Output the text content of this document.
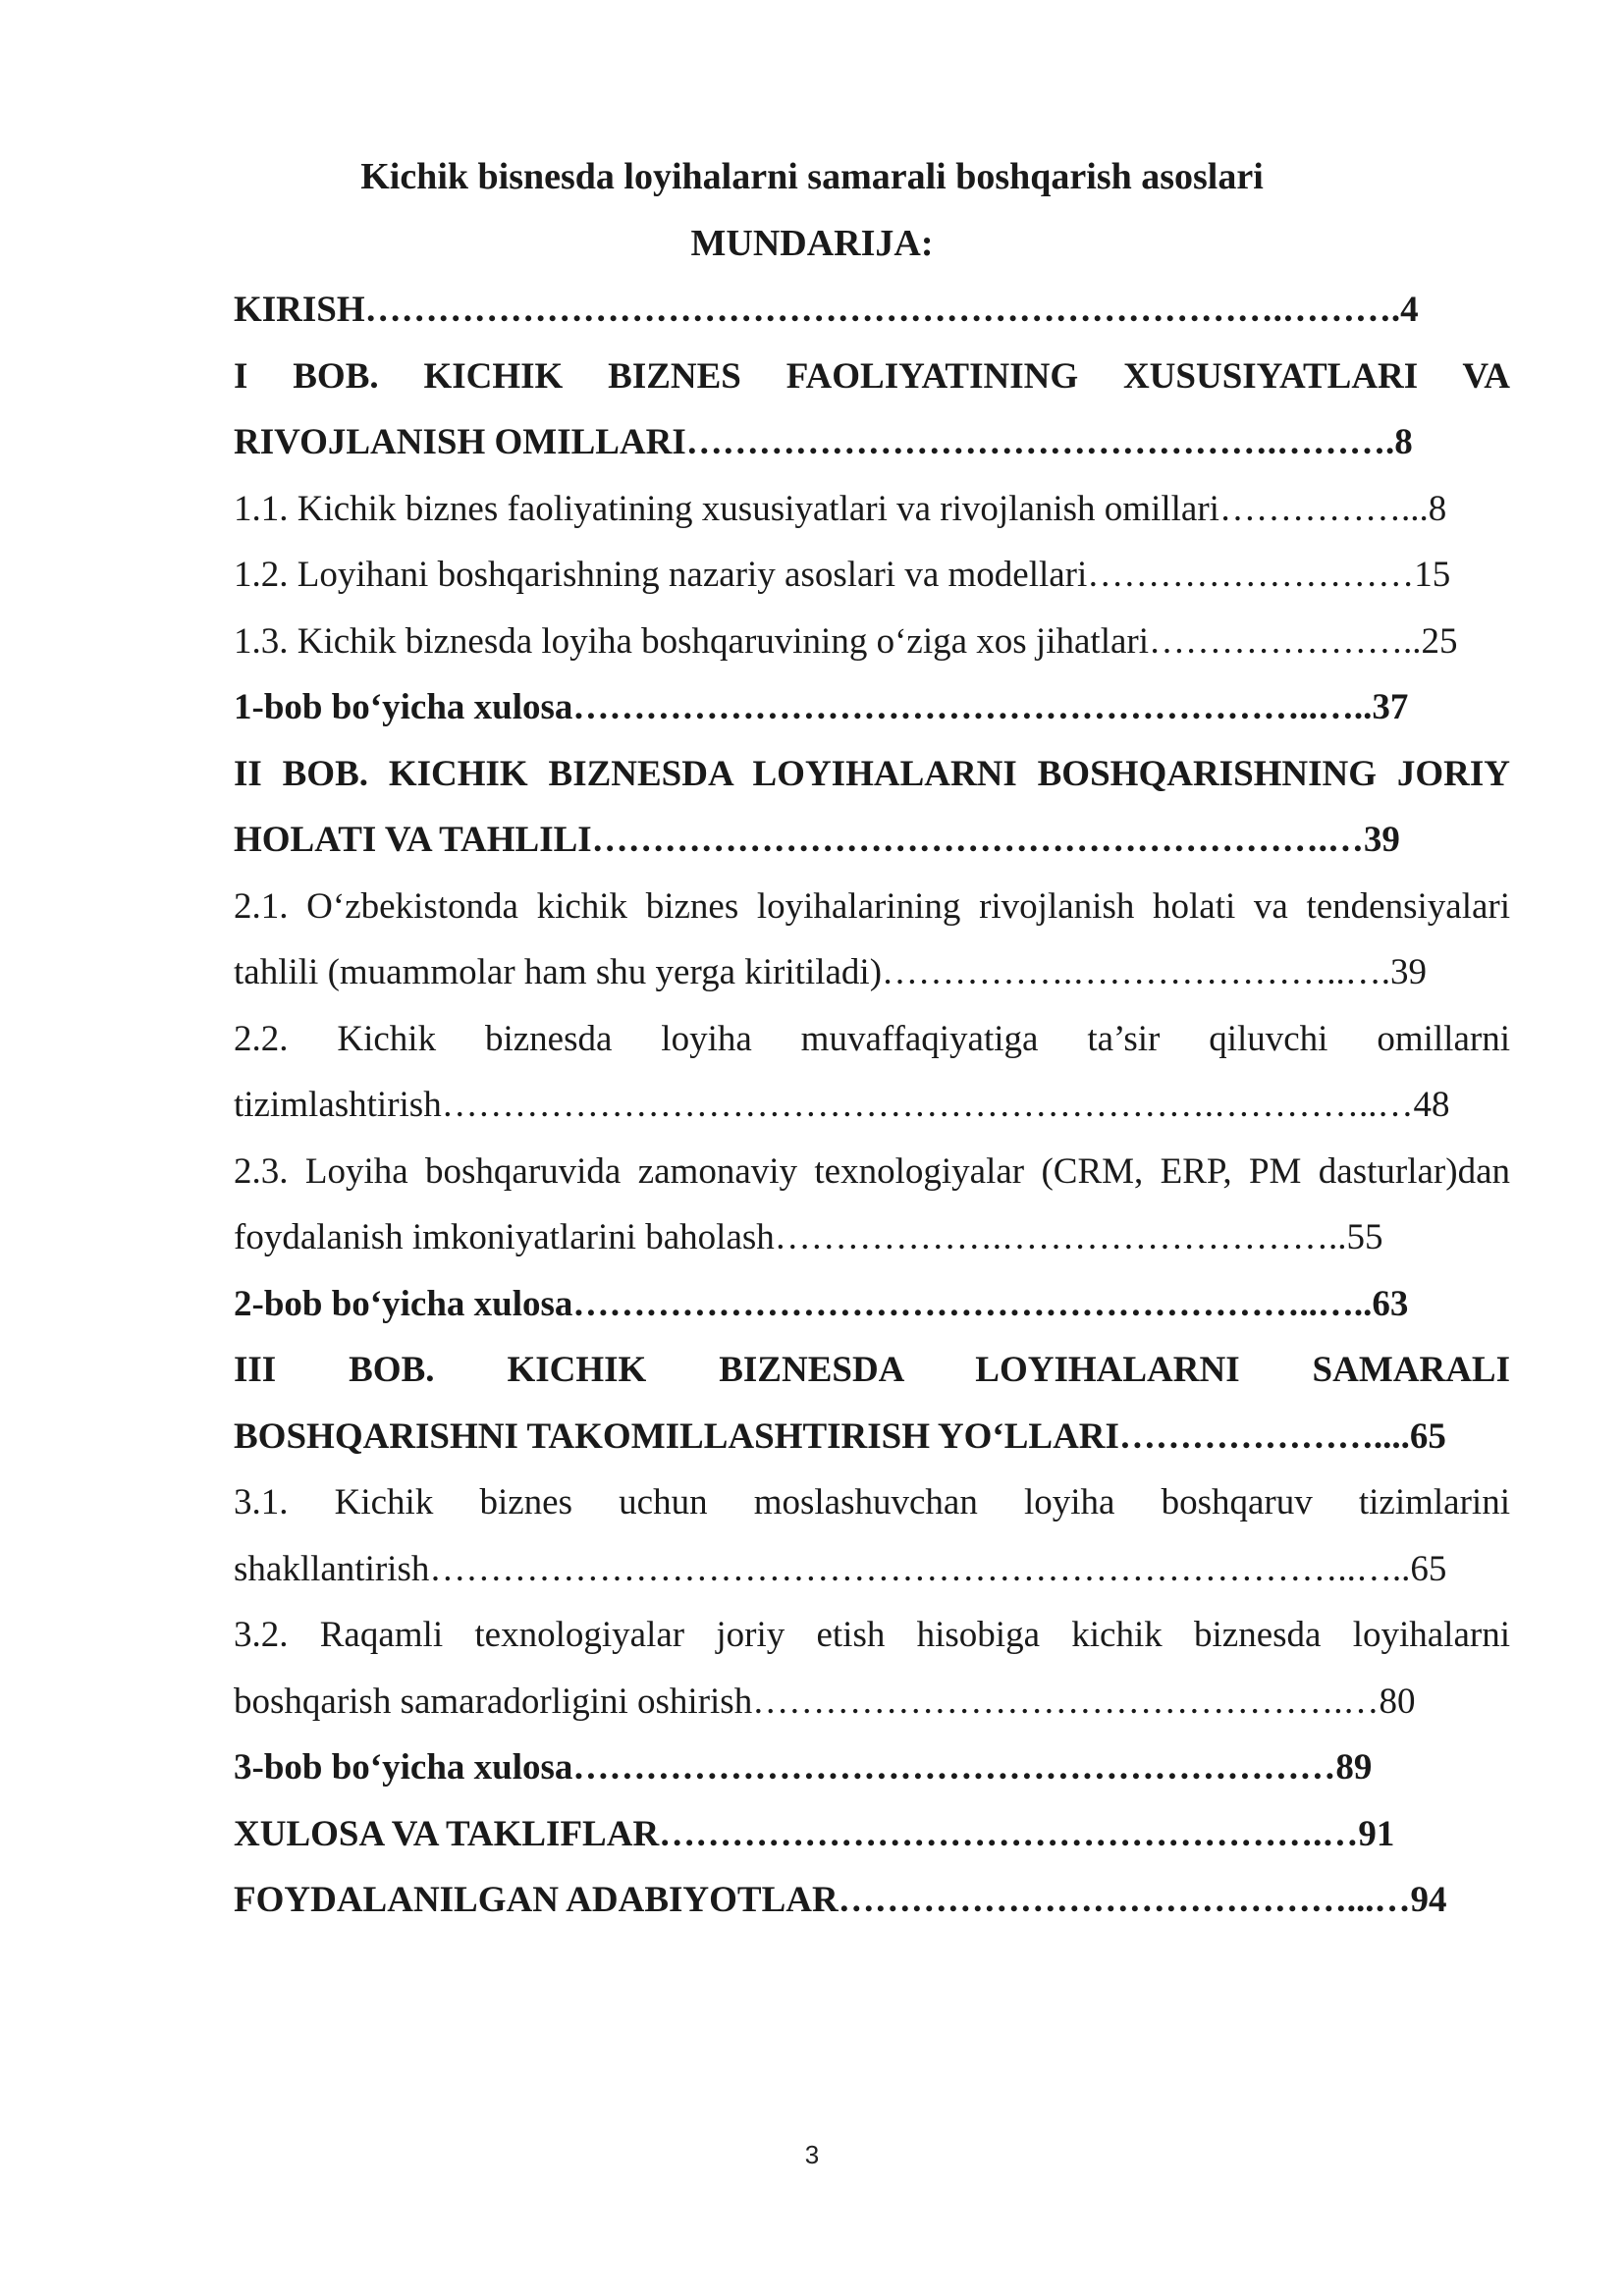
Kichik bisnesda loyihalarni samarali boshqarish asoslari
MUNDARIJA:
KIRISH………………………………………………………………….……….4
I BOB. KICHIK BIZNES FAOLIYATINING XUSUSIYATLARI VA
RIVOJLANISH OMILLARI………………………………………….……….8
1.1. Kichik biznes faoliyatining xususiyatlari va rivojlanish omillari……………...8
1.2. Loyihani boshqarishning nazariy asoslari va modellari………………………15
1.3. Kichik biznesda loyiha boshqaruvining oʻziga xos jihatlari…………………..25
1-bob boʻyicha xulosa……………………………………………………..…..37
II BOB. KICHIK BIZNESDA LOYIHALARNI BOSHQARISHNING JORIY
HOLATI VA TAHLILI…………………………………………………….…39
2.1. Oʻzbekistonda kichik biznes loyihalarining rivojlanish holati va tendensiyalari
tahlili (muammolar ham shu yerga kiritiladi)…………….…………………..….39
2.2. Kichik biznesda loyiha muvaffaqiyatiga ta’sir qiluvchi omillarni
tizimlashtirish……………………………………………………….…………..…48
2.3. Loyiha boshqaruvida zamonaviy texnologiyalar (CRM, ERP, PM dasturlar)dan
foydalanish imkoniyatlarini baholash……………….………………………..55
2-bob boʻyicha xulosa……………………………………………………..…..63
III BOB. KICHIK BIZNESDA LOYIHALARNI SAMARALI
BOSHQARISHNI TAKOMILLASHTIRISH YOʻLLARI…………………....65
3.1. Kichik biznes uchun moslashuvchan loyiha boshqaruv tizimlarini
shakllantirish…………………………………………………………………..…..65
3.2. Raqamli texnologiyalar joriy etish hisobiga kichik biznesda loyihalarni
boshqarish samaradorligini oshirish………………………………………….…80
3-bob boʻyicha xulosa………………………………………………………89
XULOSA VA TAKLIFLAR……………………………………………….…91
FOYDALANILGAN ADABIYOTLAR……………………………………...…94
3
